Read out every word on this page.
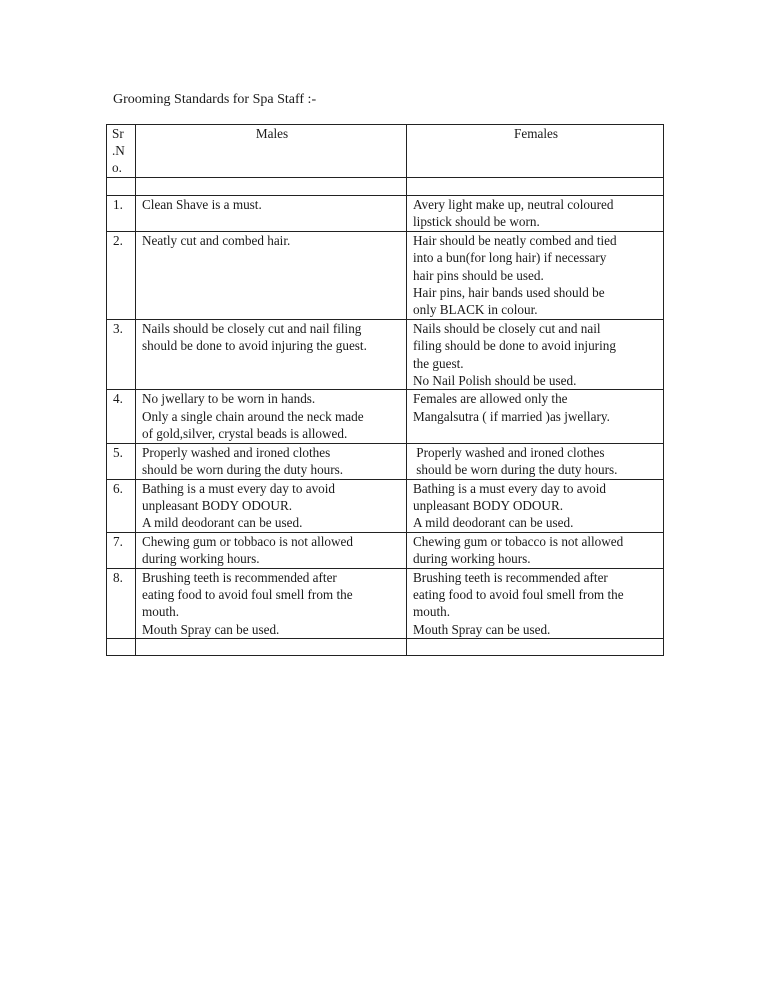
Grooming Standards for Spa Staff :-
Sr
.N
o.	Males	Females

1.	Clean Shave is a must.	Avery light make up, neutral coloured
lipstick should be worn.

2.	Neatly cut and combed hair.	Hair should be neatly combed and tied
into a bun(for long hair) if necessary
hair pins should be used.
Hair pins, hair bands used should be
only BLACK in colour.

3.	Nails should be closely cut and nail filing
should be done to avoid injuring the guest.	Nails should be closely cut and nail
filing should be done to avoid injuring
the guest.
No Nail Polish should be used.

4.	No jwellary to be worn in hands.
Only a single chain around the neck made
of gold,silver, crystal beads is allowed.	Females are allowed only the
Mangalsutra ( if married )as jwellary.

5.	Properly washed and ironed clothes
should be worn during the duty hours.	Properly washed and ironed clothes
should be worn during the duty hours.

6.	Bathing is a must every day to avoid
unpleasant BODY ODOUR.
A mild deodorant can be used.	Bathing is a must every day to avoid
unpleasant BODY ODOUR.
A mild deodorant can be used.

7.	Chewing gum or tobbaco is not allowed
during working hours.	Chewing gum or tobacco is not allowed
during working hours.

8.	Brushing teeth is recommended after
eating food to avoid foul smell from the
mouth.
Mouth Spray can be used.	Brushing teeth is recommended after
eating food to avoid foul smell from the
mouth.
Mouth Spray can be used.
